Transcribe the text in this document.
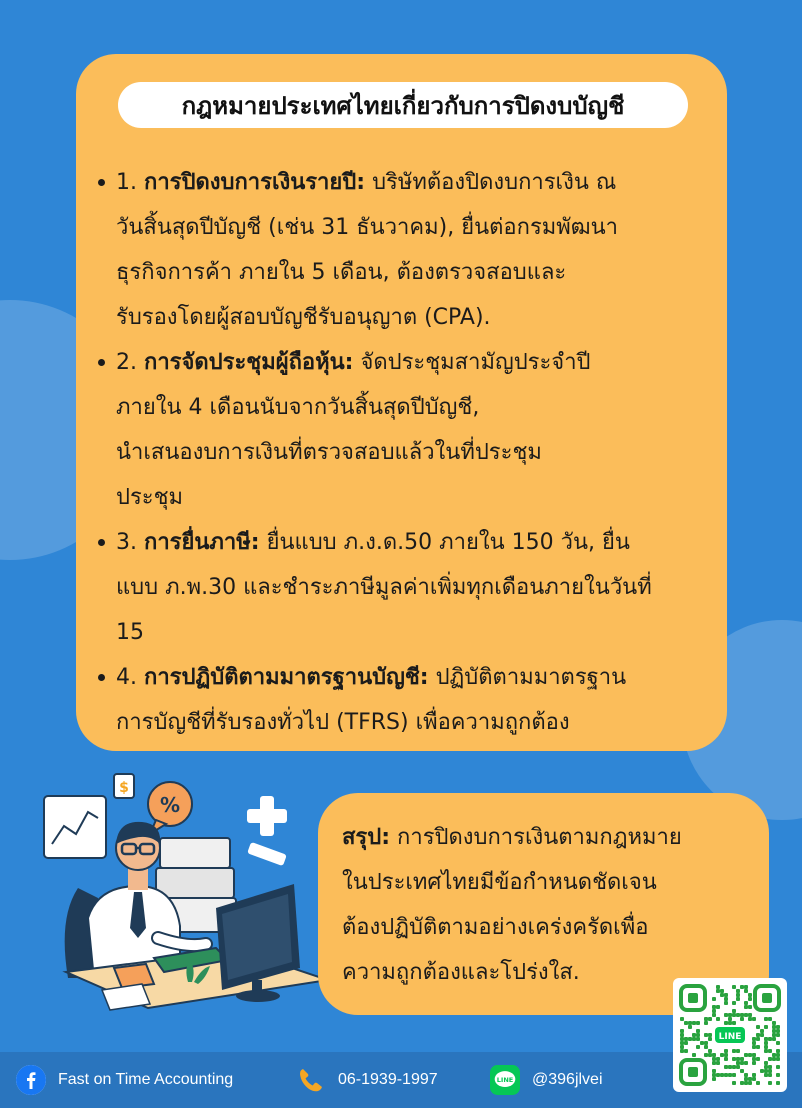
กฎหมายประเทศไทยเกี่ยวกับการปิดงบบัญชี
1. การปิดงบการเงินรายปี: บริษัทต้องปิดงบการเงิน ณ
วันสิ้นสุดปีบัญชี (เช่น 31 ธันวาคม), ยื่นต่อกรมพัฒนา
ธุรกิจการค้า ภายใน 5 เดือน, ต้องตรวจสอบและ
รับรองโดยผู้สอบบัญชีรับอนุญาต (CPA).
2. การจัดประชุมผู้ถือหุ้น: จัดประชุมสามัญประจำปี
ภายใน 4 เดือนนับจากวันสิ้นสุดปีบัญชี,
นำเสนองบการเงินที่ตรวจสอบแล้วในที่ประชุม
ประชุม
3. การยื่นภาษี: ยื่นแบบ ภ.ง.ด.50 ภายใน 150 วัน, ยื่น
แบบ ภ.พ.30 และชำระภาษีมูลค่าเพิ่มทุกเดือนภายในวันที่
15
4. การปฏิบัติตามมาตรฐานบัญชี: ปฏิบัติตามมาตรฐาน
การบัญชีที่รับรองทั่วไป (TFRS) เพื่อความถูกต้อง
$
%
สรุป: การปิดงบการเงินตามกฎหมาย
ในประเทศไทยมีข้อกำหนดชัดเจน
ต้องปฏิบัติตามอย่างเคร่งครัดเพื่อ
ความถูกต้องและโปร่งใส.
Fast on Time Accounting	06-1939-1997	LINE @396jlvei
LINE
